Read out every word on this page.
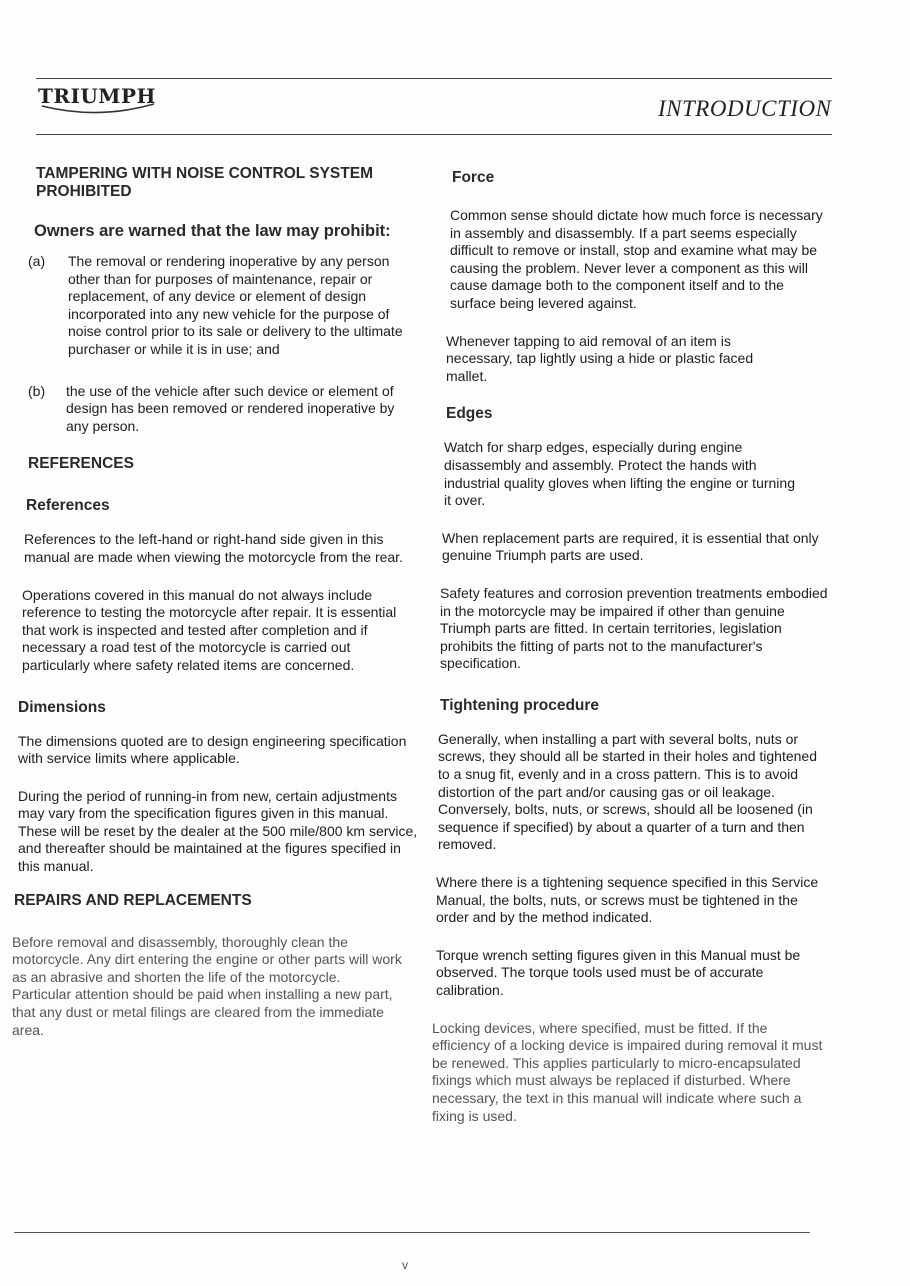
TRIUMPH	INTRODUCTION
TAMPERING WITH NOISE CONTROL SYSTEM PROHIBITED
Owners are warned that the law may prohibit:
(a)	The removal or rendering inoperative by any person other than for purposes of maintenance, repair or replacement, of any device or element of design incorporated into any new vehicle for the purpose of noise control prior to its sale or delivery to the ultimate purchaser or while it is in use; and
(b)	the use of the vehicle after such device or element of design has been removed or rendered inoperative by any person.
REFERENCES
References

References to the left-hand or right-hand side given in this manual are made when viewing the motorcycle from the rear.

Operations covered in this manual do not always include reference to testing the motorcycle after repair. It is essential that work is inspected and tested after completion and if necessary a road test of the motorcycle is carried out particularly where safety related items are concerned.

Dimensions

The dimensions quoted are to design engineering specification with service limits where applicable.

During the period of running-in from new, certain adjustments may vary from the specification figures given in this manual. These will be reset by the dealer at the 500 mile/800 km service, and thereafter should be maintained at the figures specified in this manual.

REPAIRS AND REPLACEMENTS

Before removal and disassembly, thoroughly clean the motorcycle. Any dirt entering the engine or other parts will work as an abrasive and shorten the life of the motorcycle. Particular attention should be paid when installing a new part, that any dust or metal filings are cleared from the immediate area.

Force

Common sense should dictate how much force is necessary in assembly and disassembly. If a part seems especially difficult to remove or install, stop and examine what may be causing the problem. Never lever a component as this will cause damage both to the component itself and to the surface being levered against.

Whenever tapping to aid removal of an item is necessary, tap lightly using a hide or plastic faced mallet.

Edges

Watch for sharp edges, especially during engine disassembly and assembly. Protect the hands with industrial quality gloves when lifting the engine or turning it over.

When replacement parts are required, it is essential that only genuine Triumph parts are used.

Safety features and corrosion prevention treatments embodied in the motorcycle may be impaired if other than genuine Triumph parts are fitted. In certain territories, legislation prohibits the fitting of parts not to the manufacturer's specification.

Tightening procedure

Generally, when installing a part with several bolts, nuts or screws, they should all be started in their holes and tightened to a snug fit, evenly and in a cross pattern. This is to avoid distortion of the part and/or causing gas or oil leakage. Conversely, bolts, nuts, or screws, should all be loosened (in sequence if specified) by about a quarter of a turn and then removed.

Where there is a tightening sequence specified in this Service Manual, the bolts, nuts, or screws must be tightened in the order and by the method indicated.

Torque wrench setting figures given in this Manual must be observed. The torque tools used must be of accurate calibration.

Locking devices, where specified, must be fitted. If the efficiency of a locking device is impaired during removal it must be renewed. This applies particularly to micro-encapsulated fixings which must always be replaced if disturbed. Where necessary, the text in this manual will indicate where such a fixing is used.

v
